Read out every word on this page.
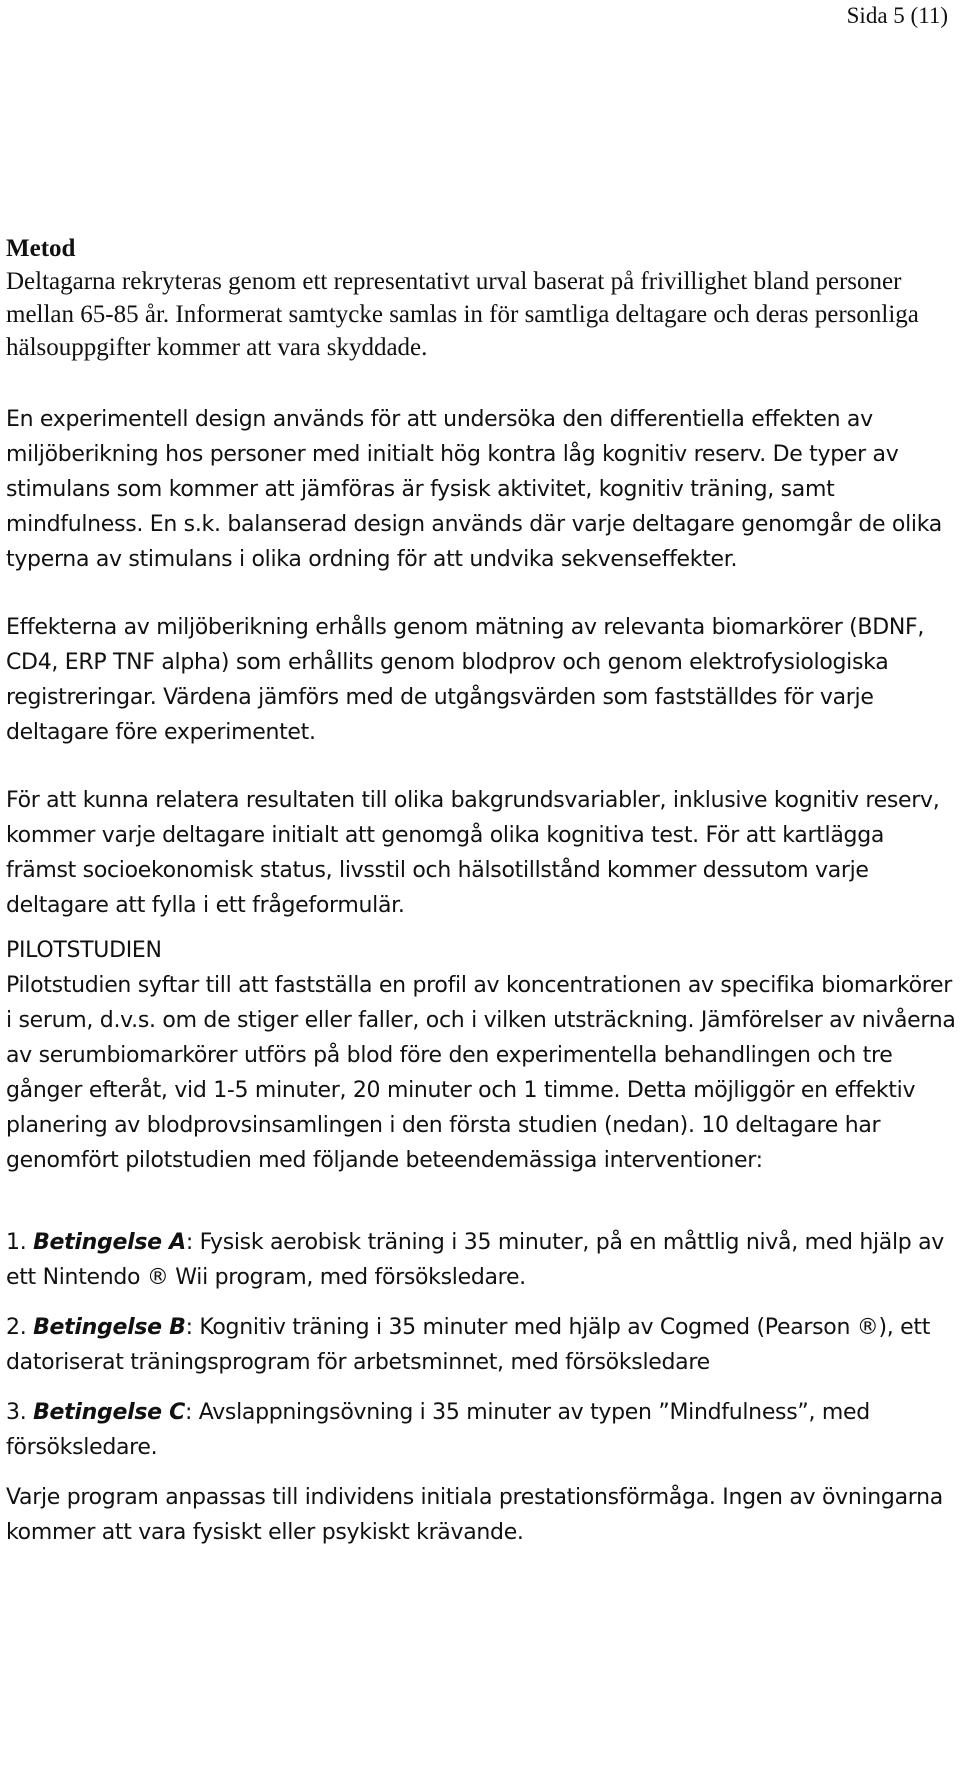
Sida 5 (11)

Metod

Deltagarna rekryteras genom ett representativt urval baserat på frivillighet bland personer mellan 65-85 år. Informerat samtycke samlas in för samtliga deltagare och deras personliga hälsouppgifter kommer att vara skyddade.

En experimentell design används för att undersöka den differentiella effekten av miljöberikning hos personer med initialt hög kontra låg kognitiv reserv. De typer av stimulans som kommer att jämföras är fysisk aktivitet, kognitiv träning, samt mindfulness. En s.k. balanserad design används där varje deltagare genomgår de olika typerna av stimulans i olika ordning för att undvika sekvenseffekter.

Effekterna av miljöberikning erhålls genom mätning av relevanta biomarkörer (BDNF, CD4, ERP TNF alpha) som erhållits genom blodprov och genom elektrofysiologiska registreringar. Värdena jämförs med de utgångsvärden som fastställdes för varje deltagare före experimentet.

För att kunna relatera resultaten till olika bakgrundsvariabler, inklusive kognitiv reserv, kommer varje deltagare initialt att genomgå olika kognitiva test. För att kartlägga främst socioekonomisk status, livsstil och hälsotillstånd kommer dessutom varje deltagare att fylla i ett frågeformulär.

PILOTSTUDIEN

Pilotstudien syftar till att fastställa en profil av koncentrationen av specifika biomarkörer i serum, d.v.s. om de stiger eller faller, och i vilken utsträckning. Jämförelser av nivåerna av serumbiomarkörer utförs på blod före den experimentella behandlingen och tre gånger efteråt, vid 1-5 minuter, 20 minuter och 1 timme. Detta möjliggör en effektiv planering av blodprovsinsamlingen i den första studien (nedan). 10 deltagare har genomfört pilotstudien med följande beteendemässiga interventioner:

1. Betingelse A: Fysisk aerobisk träning i 35 minuter, på en måttlig nivå, med hjälp av ett Nintendo ® Wii program, med försöksledare.

2. Betingelse B: Kognitiv träning i 35 minuter med hjälp av Cogmed (Pearson ®), ett datoriserat träningsprogram för arbetsminnet, med försöksledare

3. Betingelse C: Avslappningsövning i 35 minuter av typen ”Mindfulness”, med försöksledare.

Varje program anpassas till individens initiala prestationsförmåga. Ingen av övningarna kommer att vara fysiskt eller psykiskt krävande.
